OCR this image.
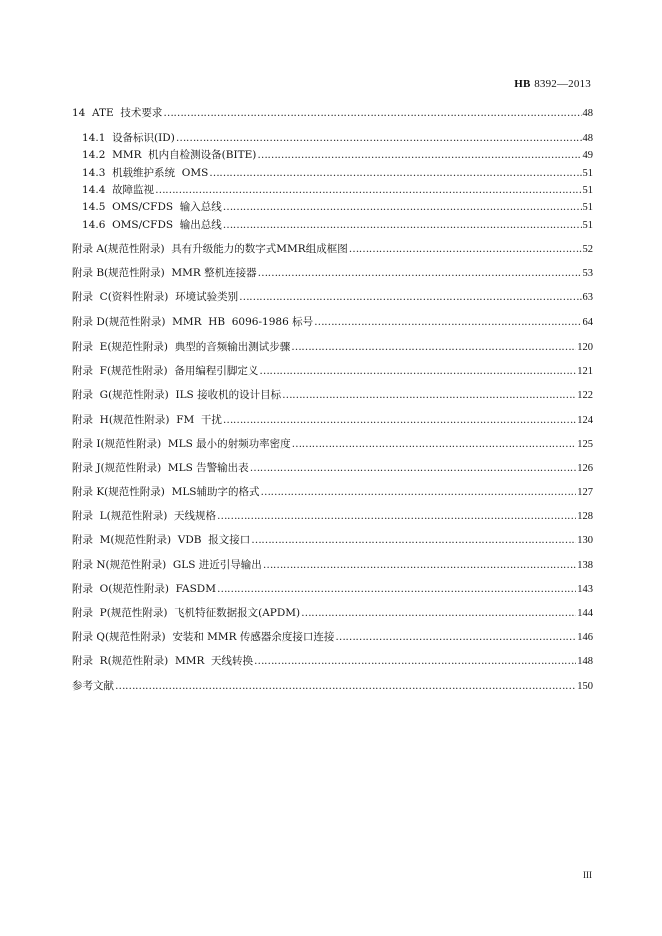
HB 8392—2013
14 ATE  技术要求 ………………………………………………………………………………………………………………………………………………………………………………………………………………………………………………………………	48
14.1 设备标识(ID) ………………………………………………………………………………………………………………………………………………………………………………………………………………………………………………………………	48
14.2 MMR  机内自检测设备(BITE) ………………………………………………………………………………………………………………………………………………………………………………………………………………………………………………………………	49
14.3 机载维护系统  OMS ………………………………………………………………………………………………………………………………………………………………………………………………………………………………………………………………	51
14.4 故障监视 ………………………………………………………………………………………………………………………………………………………………………………………………………………………………………………………………	51
14.5 OMS/CFDS  输入总线 ………………………………………………………………………………………………………………………………………………………………………………………………………………………………………………………………	51
14.6 OMS/CFDS  输出总线 ………………………………………………………………………………………………………………………………………………………………………………………………………………………………………………………………	51
附录 A(规范性附录) 具有升级能力的数字式MMR组成框图 ………………………………………………………………………………………………………………………………………………………………………………………………………………………………………………………………	52
附录 B(规范性附录) MMR 整机连接器 ………………………………………………………………………………………………………………………………………………………………………………………………………………………………………………………………	53
附录  C(资料性附录) 环境试验类别 ………………………………………………………………………………………………………………………………………………………………………………………………………………………………………………………………	63
附录 D(规范性附录) MMR  HB  6096-1986 标号 ………………………………………………………………………………………………………………………………………………………………………………………………………………………………………………………………	64
附录  E(规范性附录) 典型的音频输出测试步骤 ………………………………………………………………………………………………………………………………………………………………………………………………………………………………………………………………	120
附录  F(规范性附录) 备用编程引脚定义 ………………………………………………………………………………………………………………………………………………………………………………………………………………………………………………………………	121
附录  G(规范性附录) ILS 接收机的设计目标 ………………………………………………………………………………………………………………………………………………………………………………………………………………………………………………………………	122
附录  H(规范性附录) FM  干扰 ………………………………………………………………………………………………………………………………………………………………………………………………………………………………………………………………	124
附录 I(规范性附录) MLS 最小的射频功率密度 ………………………………………………………………………………………………………………………………………………………………………………………………………………………………………………………………	125
附录 J(规范性附录) MLS 告警输出表 ………………………………………………………………………………………………………………………………………………………………………………………………………………………………………………………………	126
附录 K(规范性附录) MLS辅助字的格式 ………………………………………………………………………………………………………………………………………………………………………………………………………………………………………………………………	127
附录  L(规范性附录) 天线规格 ………………………………………………………………………………………………………………………………………………………………………………………………………………………………………………………………	128
附录  M(规范性附录) VDB  报文接口 ………………………………………………………………………………………………………………………………………………………………………………………………………………………………………………………………	130
附录 N(规范性附录) GLS 进近引导输出 ………………………………………………………………………………………………………………………………………………………………………………………………………………………………………………………………	138
附录  O(规范性附录) FASDM ………………………………………………………………………………………………………………………………………………………………………………………………………………………………………………………………	143
附录  P(规范性附录) 飞机特征数据报文(APDM) ………………………………………………………………………………………………………………………………………………………………………………………………………………………………………………………………	144
附录 Q(规范性附录) 安装和 MMR 传感器余度接口连接 ………………………………………………………………………………………………………………………………………………………………………………………………………………………………………………………………	146
附录  R(规范性附录) MMR  天线转换 ………………………………………………………………………………………………………………………………………………………………………………………………………………………………………………………………	148
参考文献 ………………………………………………………………………………………………………………………………………………………………………………………………………………………………………………………………	150
III
